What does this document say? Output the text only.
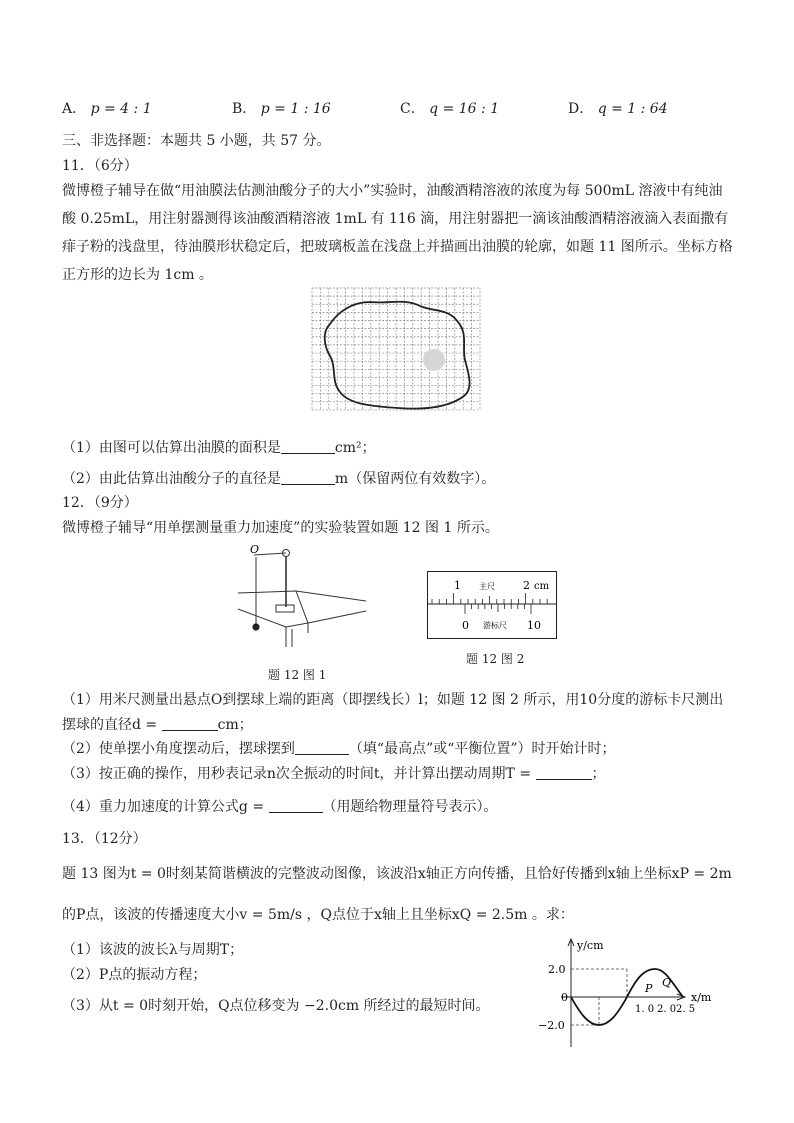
A． p = 4 : 1	B． p = 1 : 16	C． q = 16 : 1	D． q = 1 : 64
三、非选择题：本题共 5 小题，共 57 分。
11．（6分）
微博橙子辅导在做“用油膜法估测油酸分子的大小”实验时，油酸酒精溶液的浓度为每 500mL 溶液中有纯油酸 0.25mL，用注射器测得该油酸酒精溶液 1mL 有 116 滴，用注射器把一滴该油酸酒精溶液滴入表面撒有痱子粉的浅盘里，待油膜形状稳定后，把玻璃板盖在浅盘上并描画出油膜的轮廓，如题 11 图所示。坐标方格正方形的边长为 1cm 。
（1）由图可以估算出油膜的面积是	cm²；
（2）由此估算出油酸分子的直径是	m（保留两位有效数字）。
12．（9分）
微博橙子辅导“用单摆测量重力加速度”的实验装置如题 12 图 1 所示。
O
题 12 图 1
1 主尺	2 cm
0 游标尺 10
题 12 图 2
（1）用米尺测量出悬点O到摆球上端的距离（即摆线长）l；如题 12 图 2 所示，用10分度的游标卡尺测出
摆球的直径d =	cm；
（2）使单摆小角度摆动后，摆球摆到	（填“最高点”或“平衡位置”）时开始计时；
（3）按正确的操作，用秒表记录n次全振动的时间t，并计算出摆动周期T =	；
（4）重力加速度的计算公式g =	（用题给物理量符号表示）。
13．（12分）
题 13 图为t = 0时刻某简谐横波的完整波动图像，该波沿x轴正方向传播，且恰好传播到x轴上坐标xP = 2m
的P点，该波的传播速度大小v = 5m/s ，Q点位于x轴上且坐标xQ = 2.5m 。求：
（1）该波的波长λ与周期T；
（2）P点的振动方程；
（3）从t = 0时刻开始，Q点位移变为 −2.0cm 所经过的最短时间。
y/cm
x/m
2.0
0
−2.0
1. 0 2. 0 2. 5
P Q
